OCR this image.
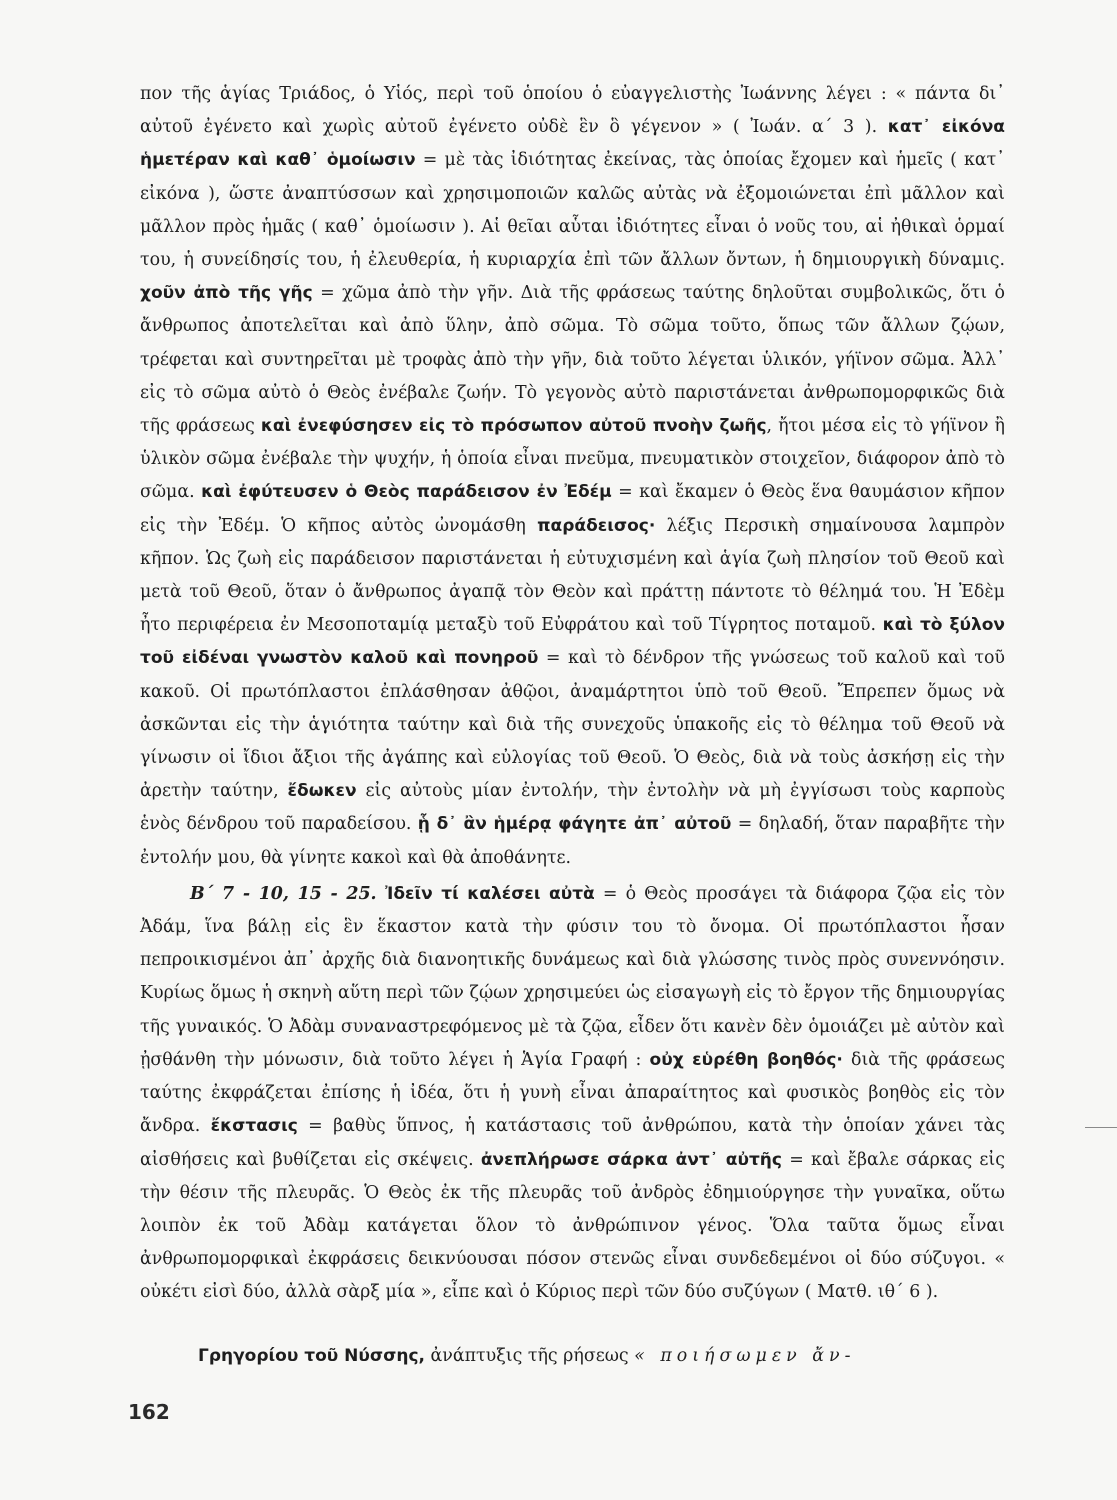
πον τῆς ἁγίας Τριάδος, ὁ Υἱός, περὶ τοῦ ὁποίου ὁ εὐαγγελιστὴς Ἰωάννης λέγει : « πάντα δι᾽ αὐτοῦ ἐγένετο καὶ χωρὶς αὐτοῦ ἐγένετο οὐδὲ ἓν ὃ γέγενον » ( Ἰωάν. α΄ 3 ). κατ᾽ εἰκόνα ἡμετέραν καὶ καθ᾽ ὁμοίωσιν = μὲ τὰς ἰδιότητας ἐκείνας, τὰς ὁποίας ἔχομεν καὶ ἡμεῖς ( κατ᾽ εἰκόνα ), ὥστε ἀναπτύσσων καὶ χρησιμοποιῶν καλῶς αὐτὰς νὰ ἐξομοιώνεται ἐπὶ μᾶλλον καὶ μᾶλλον πρὸς ἡμᾶς ( καθ᾽ ὁμοίωσιν ). Αἱ θεῖαι αὗται ἰδιότητες εἶναι ὁ νοῦς του, αἱ ἠθικαὶ ὁρμαί του, ἡ συνείδησίς του, ἡ ἐλευθερία, ἡ κυριαρχία ἐπὶ τῶν ἄλλων ὄντων, ἡ δημιουργικὴ δύναμις. χοῦν ἀπὸ τῆς γῆς = χῶμα ἀπὸ τὴν γῆν. Διὰ τῆς φράσεως ταύτης δηλοῦται συμβολικῶς, ὅτι ὁ ἄνθρωπος ἀποτελεῖται καὶ ἀπὸ ὕλην, ἀπὸ σῶμα. Τὸ σῶμα τοῦτο, ὅπως τῶν ἄλλων ζῴων, τρέφεται καὶ συντηρεῖται μὲ τροφὰς ἀπὸ τὴν γῆν, διὰ τοῦτο λέγεται ὑλικόν, γήϊνον σῶμα. Ἀλλ᾽ εἰς τὸ σῶμα αὐτὸ ὁ Θεὸς ἐνέβαλε ζωήν. Τὸ γεγονὸς αὐτὸ παριστάνεται ἀνθρωπομορφικῶς διὰ τῆς φράσεως καὶ ἐνεφύσησεν εἰς τὸ πρόσωπον αὐτοῦ πνοὴν ζωῆς, ἤτοι μέσα εἰς τὸ γήϊνον ἢ ὑλικὸν σῶμα ἐνέβαλε τὴν ψυχήν, ἡ ὁποία εἶναι πνεῦμα, πνευματικὸν στοιχεῖον, διάφορον ἀπὸ τὸ σῶμα. καὶ ἐφύτευσεν ὁ Θεὸς παράδεισον ἐν Ἐδέμ = καὶ ἔκαμεν ὁ Θεὸς ἕνα θαυμάσιον κῆπον εἰς τὴν Ἐδέμ. Ὁ κῆπος αὐτὸς ὠνομάσθη παράδεισος· λέξις Περσικὴ σημαίνουσα λαμπρὸν κῆπον. Ὡς ζωὴ εἰς παράδεισον παριστάνεται ἡ εὐτυχισμένη καὶ ἁγία ζωὴ πλησίον τοῦ Θεοῦ καὶ μετὰ τοῦ Θεοῦ, ὅταν ὁ ἄνθρωπος ἀγαπᾷ τὸν Θεὸν καὶ πράττῃ πάντοτε τὸ θέλημά του. Ἡ Ἐδὲμ ἦτο περιφέρεια ἐν Μεσοποταμίᾳ μεταξὺ τοῦ Εὐφράτου καὶ τοῦ Τίγρητος ποταμοῦ. καὶ τὸ ξύλον τοῦ εἰδέναι γνωστὸν καλοῦ καὶ πονηροῦ = καὶ τὸ δένδρον τῆς γνώσεως τοῦ καλοῦ καὶ τοῦ κακοῦ. Οἱ πρωτόπλαστοι ἐπλάσθησαν ἀθῷοι, ἀναμάρτητοι ὑπὸ τοῦ Θεοῦ. Ἔπρεπεν ὅμως νὰ ἀσκῶνται εἰς τὴν ἁγιότητα ταύτην καὶ διὰ τῆς συνεχοῦς ὑπακοῆς εἰς τὸ θέλημα τοῦ Θεοῦ νὰ γίνωσιν οἱ ἴδιοι ἄξιοι τῆς ἀγάπης καὶ εὐλογίας τοῦ Θεοῦ. Ὁ Θεὸς, διὰ νὰ τοὺς ἀσκήσῃ εἰς τὴν ἀρετὴν ταύτην, ἔδωκεν εἰς αὐτοὺς μίαν ἐντολήν, τὴν ἐντολὴν νὰ μὴ ἐγγίσωσι τοὺς καρποὺς ἑνὸς δένδρου τοῦ παραδείσου. ᾗ δ᾽ ἂν ἡμέρᾳ φάγητε ἀπ᾽ αὐτοῦ = δηλαδή, ὅταν παραβῆτε τὴν ἐντολήν μου, θὰ γίνητε κακοὶ καὶ θὰ ἀποθάνητε.

Β΄ 7 - 10, 15 - 25. Ἰδεῖν τί καλέσει αὐτὰ = ὁ Θεὸς προσάγει τὰ διάφορα ζῷα εἰς τὸν Ἀδάμ, ἵνα βάλῃ εἰς ἓν ἕκαστον κατὰ τὴν φύσιν του τὸ ὄνομα. Οἱ πρωτόπλαστοι ἦσαν πεπροικισμένοι ἀπ᾽ ἀρχῆς διὰ διανοητικῆς δυνάμεως καὶ διὰ γλώσσης τινὸς πρὸς συνεννόησιν. Κυρίως ὅμως ἡ σκηνὴ αὕτη περὶ τῶν ζῴων χρησιμεύει ὡς εἰσαγωγὴ εἰς τὸ ἔργον τῆς δημιουργίας τῆς γυναικός. Ὁ Ἀδὰμ συναναστρεφόμενος μὲ τὰ ζῷα, εἶδεν ὅτι κανὲν δὲν ὁμοιάζει μὲ αὐτὸν καὶ ᾐσθάνθη τὴν μόνωσιν, διὰ τοῦτο λέγει ἡ Ἁγία Γραφή : οὐχ εὑρέθη βοηθός· διὰ τῆς φράσεως ταύτης ἐκφράζεται ἐπίσης ἡ ἰδέα, ὅτι ἡ γυνὴ εἶναι ἀπαραίτητος καὶ φυσικὸς βοηθὸς εἰς τὸν ἄνδρα. ἔκστασις = βαθὺς ὕπνος, ἡ κατάστασις τοῦ ἀνθρώπου, κατὰ τὴν ὁποίαν χάνει τὰς αἰσθήσεις καὶ βυθίζεται εἰς σκέψεις. ἀνεπλήρωσε σάρκα ἀντ᾽ αὐτῆς = καὶ ἔβαλε σάρκας εἰς τὴν θέσιν τῆς πλευρᾶς. Ὁ Θεὸς ἐκ τῆς πλευρᾶς τοῦ ἀνδρὸς ἐδημιούργησε τὴν γυναῖκα, οὕτω λοιπὸν ἐκ τοῦ Ἀδὰμ κατάγεται ὅλον τὸ ἀνθρώπινον γένος. Ὅλα ταῦτα ὅμως εἶναι ἀνθρωπομορφικαὶ ἐκφράσεις δεικνύουσαι πόσον στενῶς εἶναι συνδεδεμένοι οἱ δύο σύζυγοι. « οὐκέτι εἰσὶ δύο, ἀλλὰ σὰρξ μία », εἶπε καὶ ὁ Κύριος περὶ τῶν δύο συζύγων ( Ματθ. ιθ΄ 6 ).

Γρηγορίου τοῦ Νύσσης, ἀνάπτυξις τῆς ρήσεως « ποιήσωμεν ἄν-

162
